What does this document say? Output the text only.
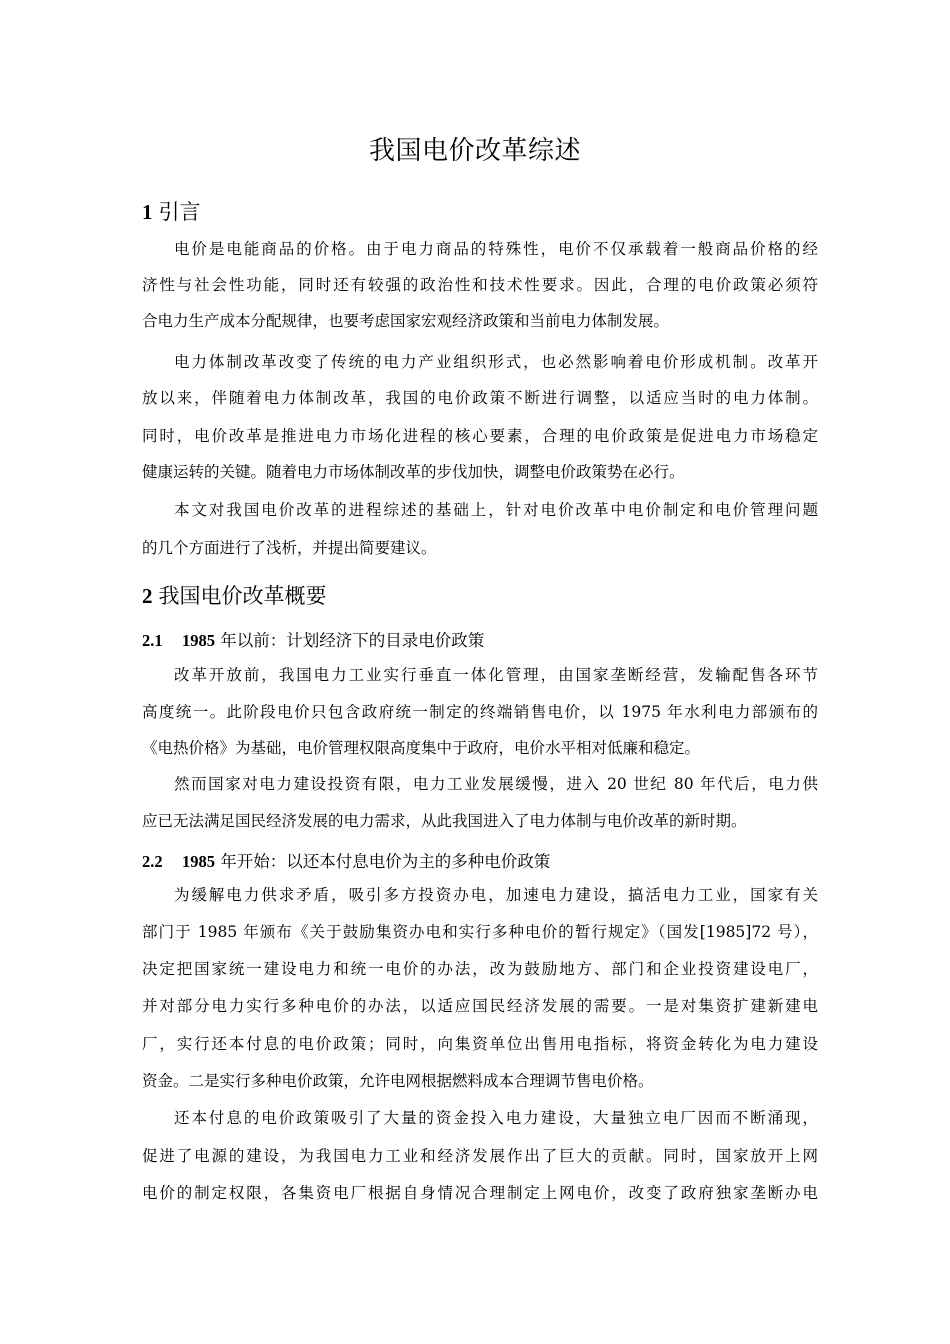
我国电价改革综述
1 引言
电价是电能商品的价格。由于电力商品的特殊性，电价不仅承载着一般商品价格的经
济性与社会性功能，同时还有较强的政治性和技术性要求。因此，合理的电价政策必须符
合电力生产成本分配规律，也要考虑国家宏观经济政策和当前电力体制发展。
电力体制改革改变了传统的电力产业组织形式，也必然影响着电价形成机制。改革开
放以来，伴随着电力体制改革，我国的电价政策不断进行调整，以适应当时的电力体制。
同时，电价改革是推进电力市场化进程的核心要素，合理的电价政策是促进电力市场稳定
健康运转的关键。随着电力市场体制改革的步伐加快，调整电价政策势在必行。
本文对我国电价改革的进程综述的基础上，针对电价改革中电价制定和电价管理问题
的几个方面进行了浅析，并提出简要建议。
2 我国电价改革概要
2.1 1985 年以前：计划经济下的目录电价政策
改革开放前，我国电力工业实行垂直一体化管理，由国家垄断经营，发输配售各环节
高度统一。此阶段电价只包含政府统一制定的终端销售电价，以 1975 年水利电力部颁布的
《电热价格》为基础，电价管理权限高度集中于政府，电价水平相对低廉和稳定。
然而国家对电力建设投资有限，电力工业发展缓慢，进入 20 世纪 80 年代后，电力供
应已无法满足国民经济发展的电力需求，从此我国进入了电力体制与电价改革的新时期。
2.2 1985 年开始：以还本付息电价为主的多种电价政策
为缓解电力供求矛盾，吸引多方投资办电，加速电力建设，搞活电力工业，国家有关
部门于 1985 年颁布《关于鼓励集资办电和实行多种电价的暂行规定》（国发[1985]72 号），
决定把国家统一建设电力和统一电价的办法，改为鼓励地方、部门和企业投资建设电厂，
并对部分电力实行多种电价的办法，以适应国民经济发展的需要。一是对集资扩建新建电
厂，实行还本付息的电价政策；同时，向集资单位出售用电指标，将资金转化为电力建设
资金。二是实行多种电价政策，允许电网根据燃料成本合理调节售电价格。
还本付息的电价政策吸引了大量的资金投入电力建设，大量独立电厂因而不断涌现，
促进了电源的建设，为我国电力工业和经济发展作出了巨大的贡献。同时，国家放开上网
电价的制定权限，各集资电厂根据自身情况合理制定上网电价，改变了政府独家垄断办电
